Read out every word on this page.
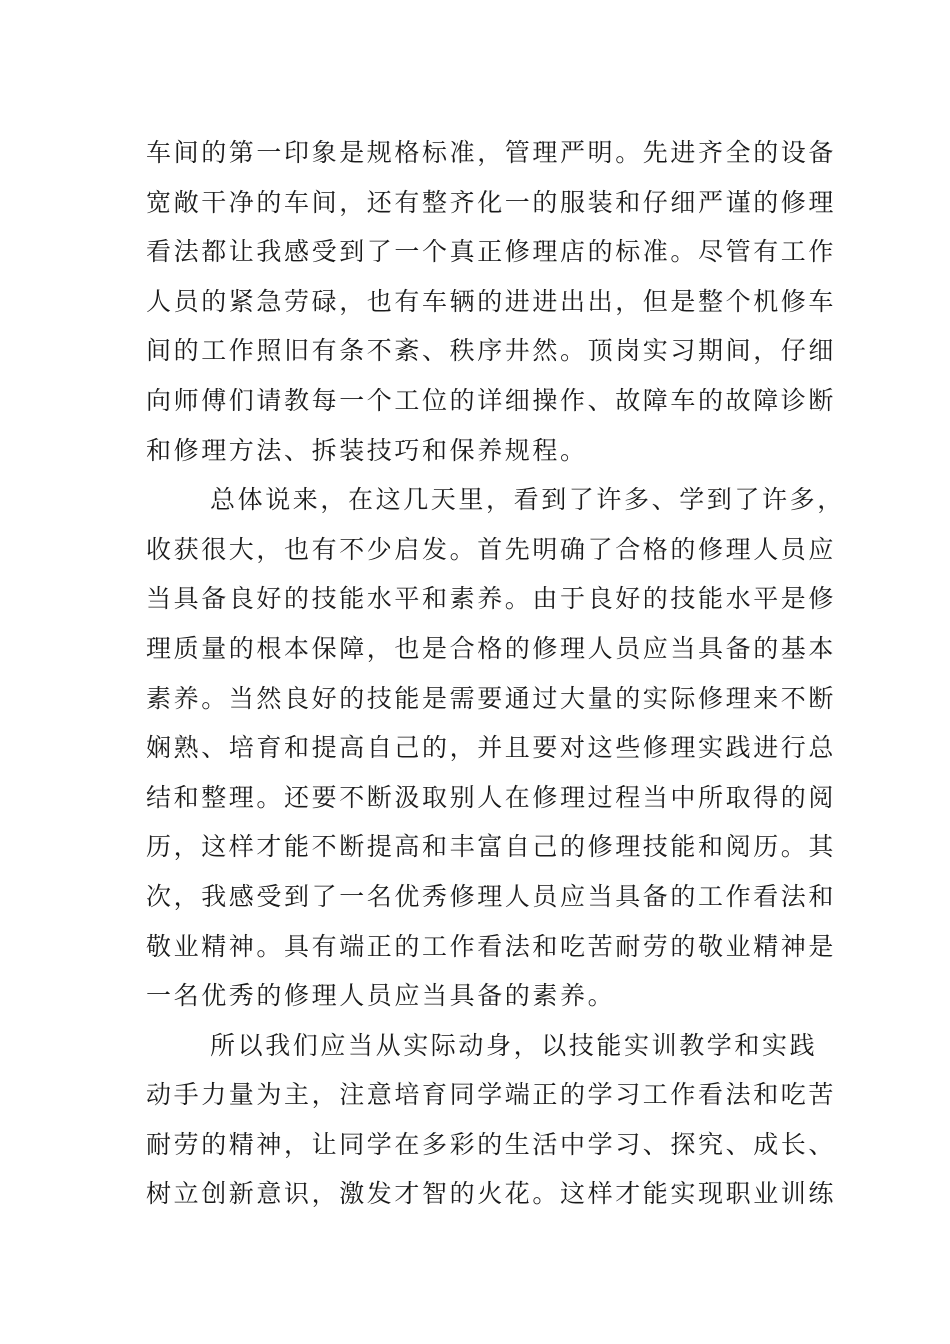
车间的第一印象是规格标准，管理严明。先进齐全的设备
宽敞干净的车间，还有整齐化一的服装和仔细严谨的修理
看法都让我感受到了一个真正修理店的标准。尽管有工作
人员的紧急劳碌，也有车辆的进进出出，但是整个机修车
间的工作照旧有条不紊、秩序井然。顶岗实习期间，仔细
向师傅们请教每一个工位的详细操作、故障车的故障诊断
和修理方法、拆装技巧和保养规程。
总体说来，在这几天里，看到了许多、学到了许多，
收获很大，也有不少启发。首先明确了合格的修理人员应
当具备良好的技能水平和素养。由于良好的技能水平是修
理质量的根本保障，也是合格的修理人员应当具备的基本
素养。当然良好的技能是需要通过大量的实际修理来不断
娴熟、培育和提高自己的，并且要对这些修理实践进行总
结和整理。还要不断汲取别人在修理过程当中所取得的阅
历，这样才能不断提高和丰富自己的修理技能和阅历。其
次，我感受到了一名优秀修理人员应当具备的工作看法和
敬业精神。具有端正的工作看法和吃苦耐劳的敬业精神是
一名优秀的修理人员应当具备的素养。
所以我们应当从实际动身，以技能实训教学和实践
动手力量为主，注意培育同学端正的学习工作看法和吃苦
耐劳的精神，让同学在多彩的生活中学习、探究、成长、
树立创新意识，激发才智的火花。这样才能实现职业训练
